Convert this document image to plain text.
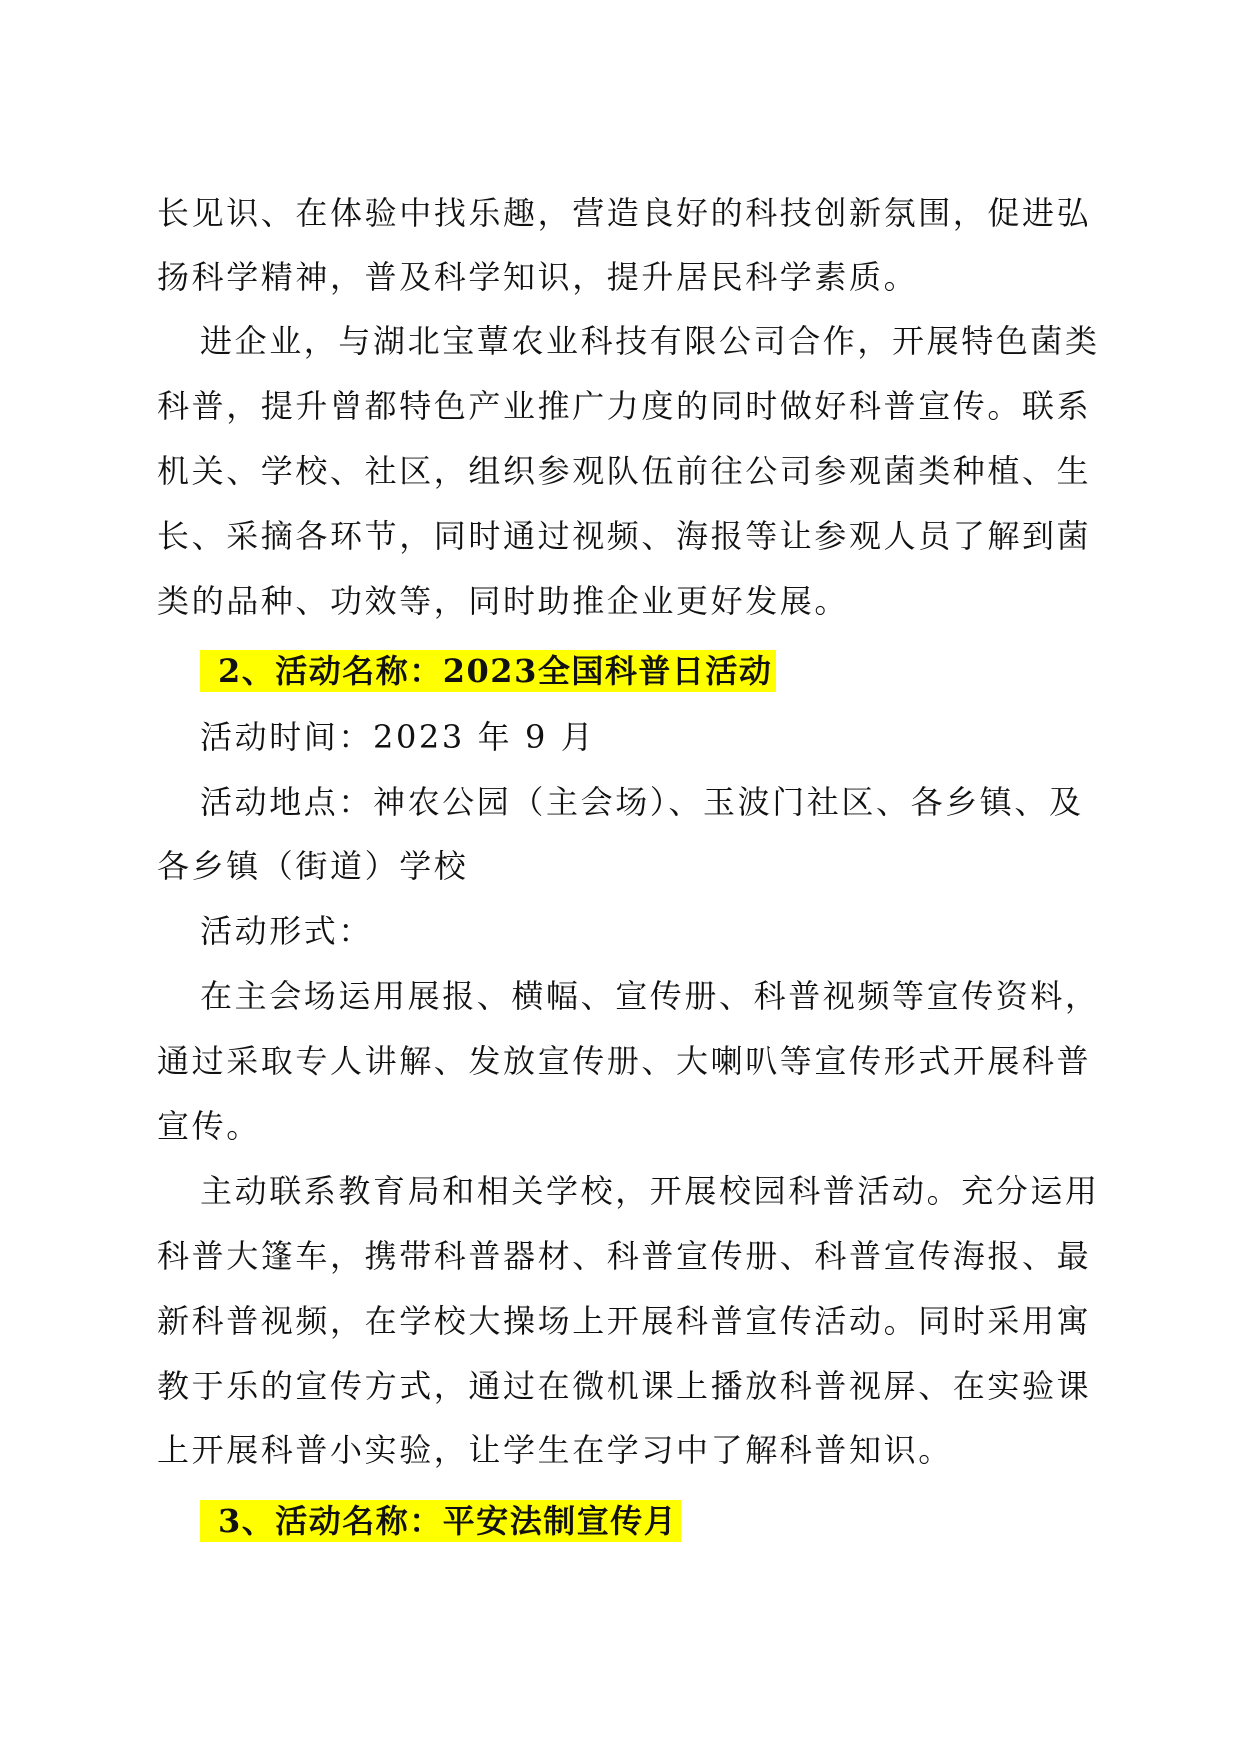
长见识、在体验中找乐趣，营造良好的科技创新氛围，促进弘
扬科学精神，普及科学知识，提升居民科学素质。
进企业，与湖北宝蕈农业科技有限公司合作，开展特色菌类
科普，提升曾都特色产业推广力度的同时做好科普宣传。联系
机关、学校、社区，组织参观队伍前往公司参观菌类种植、生
长、采摘各环节，同时通过视频、海报等让参观人员了解到菌
类的品种、功效等，同时助推企业更好发展。
2、活动名称：2023全国科普日活动
活动时间：2023 年 9 月
活动地点：神农公园（主会场）、玉波门社区、各乡镇、及
各乡镇（街道）学校
活动形式：
在主会场运用展报、横幅、宣传册、科普视频等宣传资料，
通过采取专人讲解、发放宣传册、大喇叭等宣传形式开展科普
宣传。
主动联系教育局和相关学校，开展校园科普活动。充分运用
科普大篷车，携带科普器材、科普宣传册、科普宣传海报、最
新科普视频，在学校大操场上开展科普宣传活动。同时采用寓
教于乐的宣传方式，通过在微机课上播放科普视屏、在实验课
上开展科普小实验，让学生在学习中了解科普知识。
3、活动名称：平安法制宣传月
